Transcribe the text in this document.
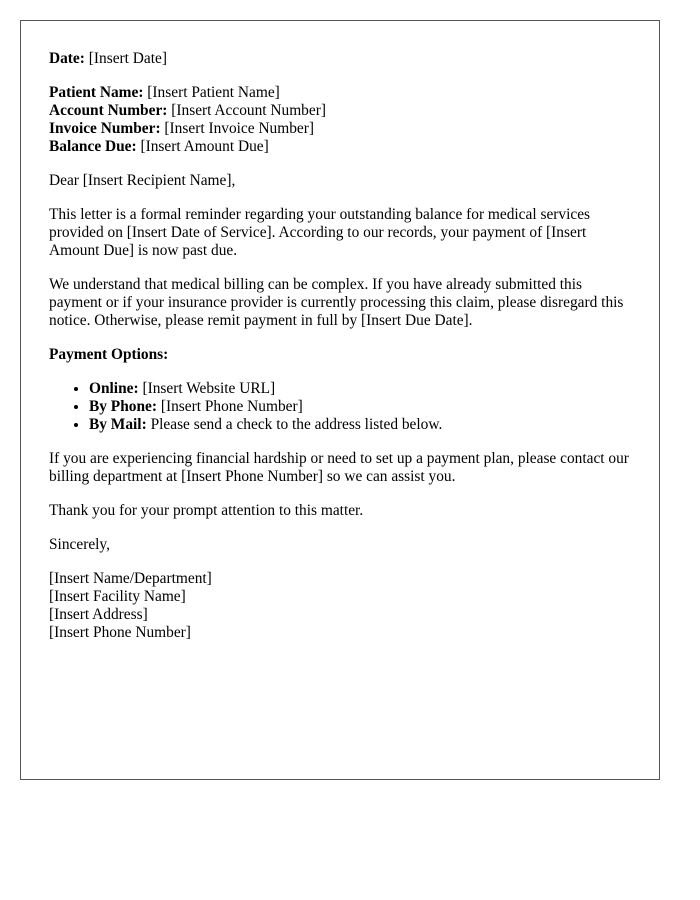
Date: [Insert Date]
Patient Name: [Insert Patient Name]
Account Number: [Insert Account Number]
Invoice Number: [Insert Invoice Number]
Balance Due: [Insert Amount Due]

Dear [Insert Recipient Name],

This letter is a formal reminder regarding your outstanding balance for medical services provided on [Insert Date of Service]. According to our records, your payment of [Insert Amount Due] is now past due.

We understand that medical billing can be complex. If you have already submitted this payment or if your insurance provider is currently processing this claim, please disregard this notice. Otherwise, please remit payment in full by [Insert Due Date].

Payment Options:

• Online: [Insert Website URL]
• By Phone: [Insert Phone Number]
• By Mail: Please send a check to the address listed below.

If you are experiencing financial hardship or need to set up a payment plan, please contact our billing department at [Insert Phone Number] so we can assist you.

Thank you for your prompt attention to this matter.

Sincerely,

[Insert Name/Department]
[Insert Facility Name]
[Insert Address]
[Insert Phone Number]
